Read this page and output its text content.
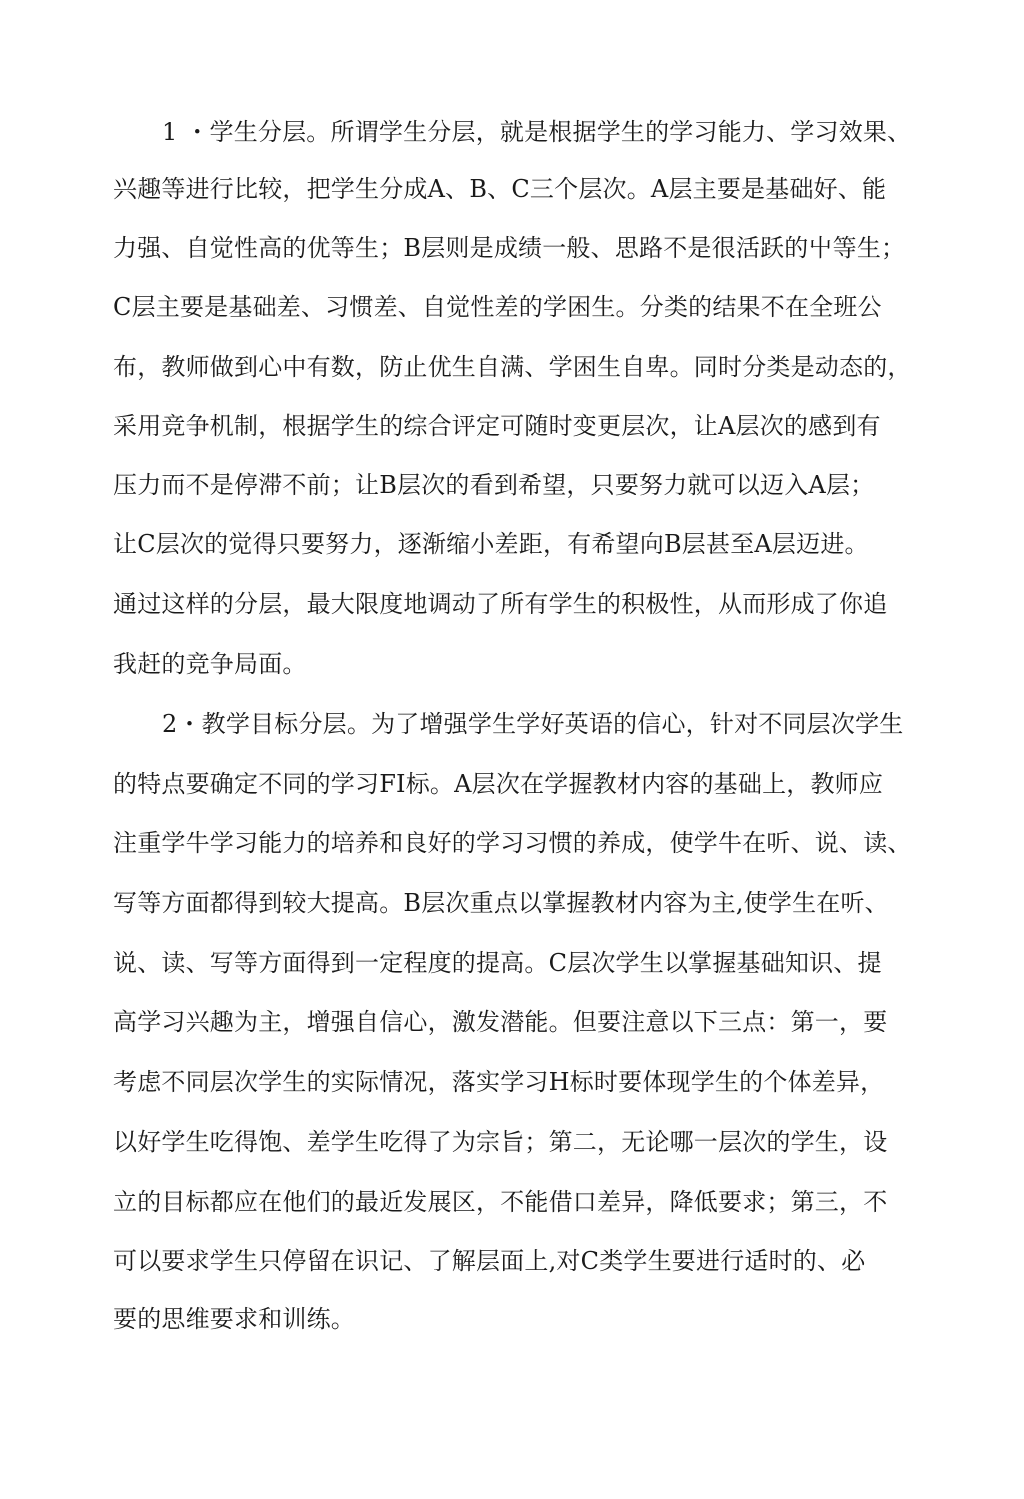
1 ・学生分层。所谓学生分层，就是根据学生的学习能力、学习效果、
兴趣等进行比较，把学生分成A、B、C三个层次。A层主要是基础好、能
力强、自觉性高的优等生；B层则是成绩一般、思路不是很活跃的屮等生；
C层主要是基础差、习惯差、自觉性差的学困生。分类的结果不在全班公
布，教师做到心中有数，防止优生自满、学困生自卑。同时分类是动态的，
采用竞争机制，根据学生的综合评定可随时变更层次，让A层次的感到有
压力而不是停滞不前；让B层次的看到希望，只要努力就可以迈入A层；
让C层次的觉得只要努力，逐渐缩小差距，有希望向B层甚至A层迈进。
通过这样的分层，最大限度地调动了所有学生的积极性，从而形成了你追
我赶的竞争局面。
2・教学目标分层。为了增强学生学好英语的信心，针对不同层次学生
的特点要确定不同的学习FI标。A层次在学握教材内容的基础上，教师应
注重学牛学习能力的培养和良好的学习习惯的养成，使学牛在听、说、读、
写等方面都得到较大提高。B层次重点以掌握教材内容为主,使学生在听、
说、读、写等方面得到一定程度的提高。C层次学生以掌握基础知识、提
高学习兴趣为主，增强自信心，激发潜能。但要注意以下三点：第一，要
考虑不同层次学生的实际情况，落实学习H标时要体现学生的个体差异，
以好学生吃得饱、差学生吃得了为宗旨；第二，无论哪一层次的学生，设
立的目标都应在他们的最近发展区，不能借口差异，降低要求；第三，不
可以要求学生只停留在识记、了解层面上,对C类学生要进行适时的、必
要的思维要求和训练。
